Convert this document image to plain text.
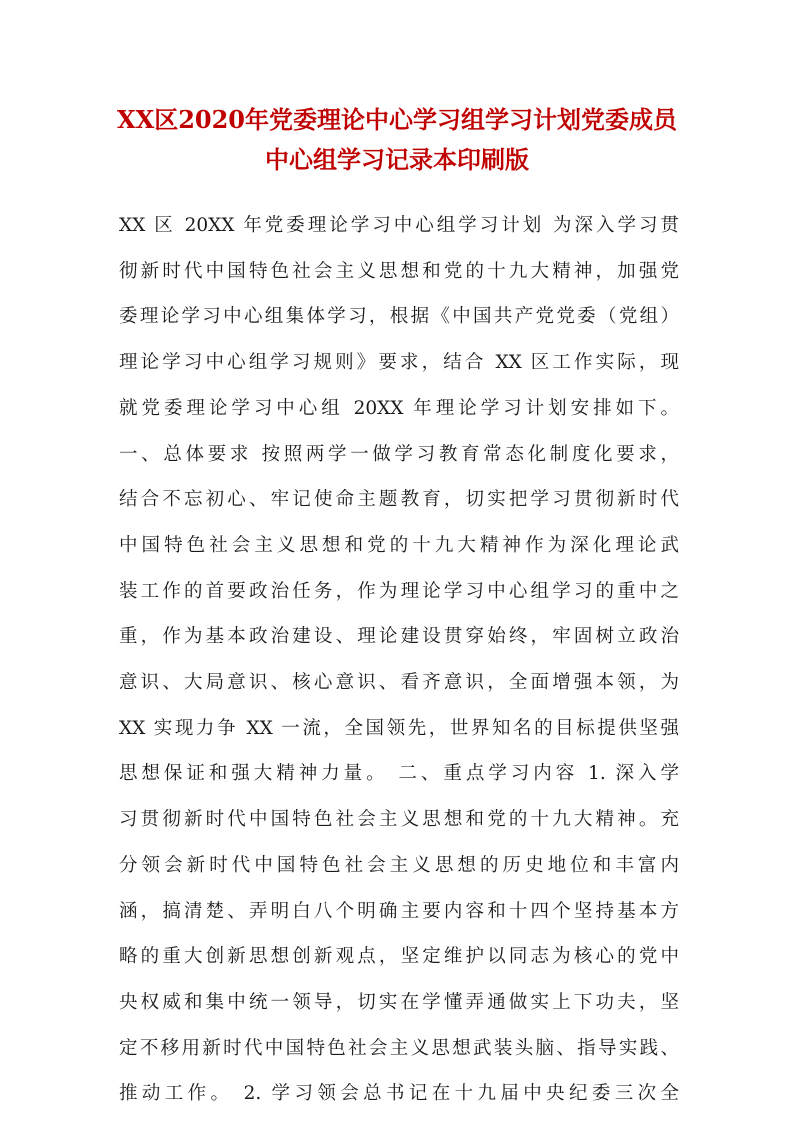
XX区2020年党委理论中心学习组学习计划党委成员
中心组学习记录本印刷版
XX 区 20XX 年党委理论学习中心组学习计划 为深入学习贯
彻新时代中国特色社会主义思想和党的十九大精神，加强党
委理论学习中心组集体学习，根据《中国共产党党委（党组）
理论学习中心组学习规则》要求，结合 XX 区工作实际，现
就党委理论学习中心组 20XX 年理论学习计划安排如下。
一、总体要求 按照两学一做学习教育常态化制度化要求，
结合不忘初心、牢记使命主题教育，切实把学习贯彻新时代
中国特色社会主义思想和党的十九大精神作为深化理论武
装工作的首要政治任务，作为理论学习中心组学习的重中之
重，作为基本政治建设、理论建设贯穿始终，牢固树立政治
意识、大局意识、核心意识、看齐意识，全面增强本领，为
XX 实现力争 XX 一流，全国领先，世界知名的目标提供坚强
思想保证和强大精神力量。 二、重点学习内容 1. 深入学
习贯彻新时代中国特色社会主义思想和党的十九大精神。充
分领会新时代中国特色社会主义思想的历史地位和丰富内
涵，搞清楚、弄明白八个明确主要内容和十四个坚持基本方
略的重大创新思想创新观点，坚定维护以同志为核心的党中
央权威和集中统一领导，切实在学懂弄通做实上下功夫，坚
定不移用新时代中国特色社会主义思想武装头脑、指导实践、
推动工作。 2. 学习领会总书记在十九届中央纪委三次全
